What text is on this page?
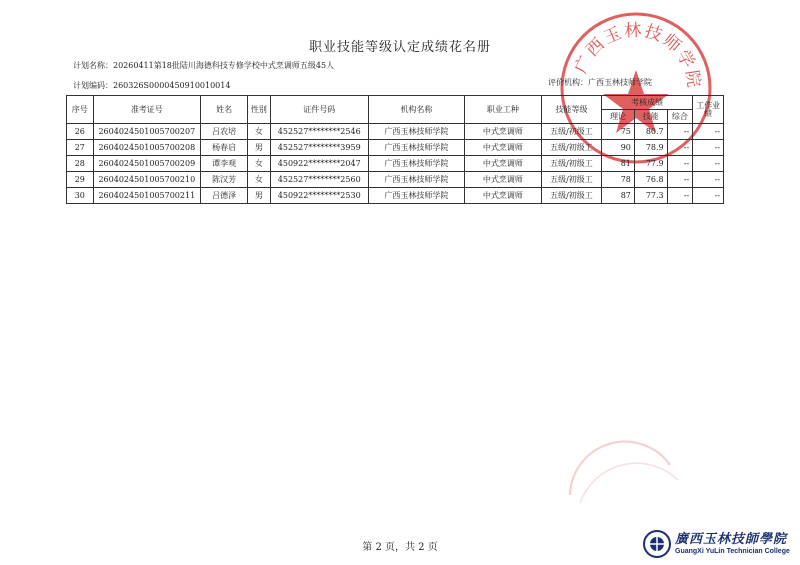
广西玉林技师学院
职业技能等级认定成绩花名册
计划名称：20260411第18批陆川海德科技专修学校中式烹调师五级45人
计划编码：260326S0000450910010014	评价机构：广西玉林技师学院
序号	准考证号	姓名	性别	证件号码	机构名称	职业工种	技能等级	考核成绩			工作业绩
								理论	技能	综合	
26	2604024501005700207	吕农培	女	452527********2546	广西玉林技师学院	中式烹调师	五级/初级工	75	80.7	--	--
27	2604024501005700208	杨春启	男	452527********3959	广西玉林技师学院	中式烹调师	五级/初级工	90	78.9	--	--
28	2604024501005700209	谭李观	女	450922********2047	广西玉林技师学院	中式烹调师	五级/初级工	81	77.9	--	--
29	2604024501005700210	陈汉芳	女	452527********2560	广西玉林技师学院	中式烹调师	五级/初级工	78	76.8	--	--
30	2604024501005700211	吕德泽	男	450922********2530	广西玉林技师学院	中式烹调师	五级/初级工	87	77.3	--	--
第 2 页，共 2 页
廣西玉林技師學院
GuangXi YuLin Technician College
